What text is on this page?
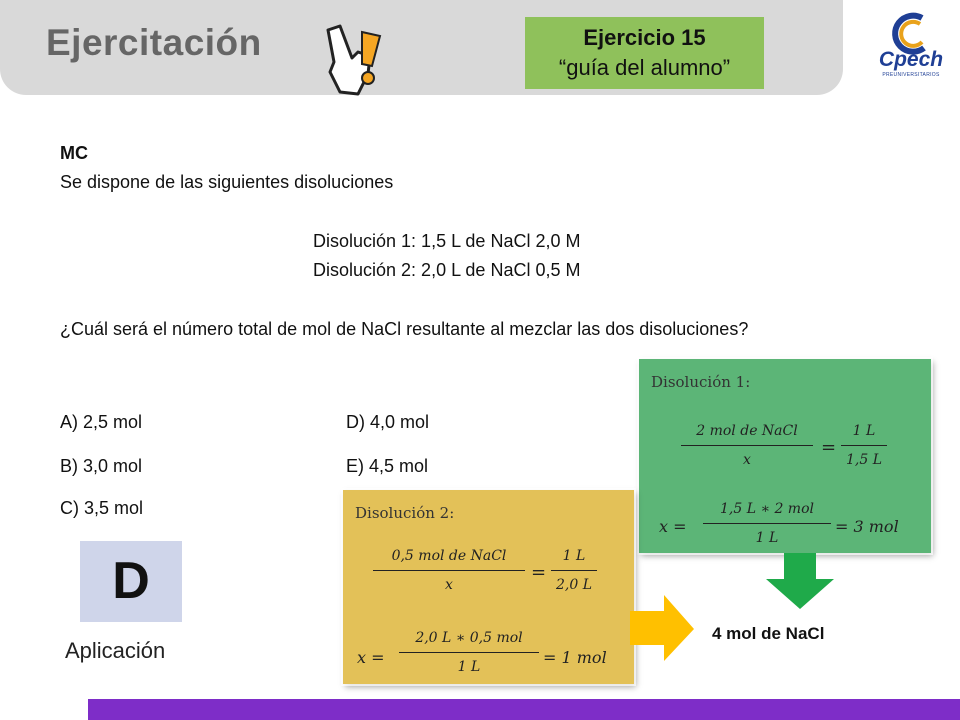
Ejercitación	Ejercicio 15
“guía del alumno”	Cpech
PREUNIVERSITARIOS
MC
Se dispone de las siguientes disoluciones
Disolución 1: 1,5 L de NaCl 2,0 M
Disolución 2: 2,0 L de NaCl 0,5 M
¿Cuál será el número total de mol de NaCl resultante al mezclar las dos disoluciones?
A) 2,5 mol
B) 3,0 mol
C) 3,5 mol
D) 4,0 mol
E) 4,5 mol
D
Aplicación
Disolución 1:
2 mol de NaCl
x
= $\frac{1 L}{1,5 L}$
x =
1,5 L ∗ 2 mol
1 L
= 3 mol
Disolución 2:
0,5 mol de NaCl
x
= $\frac{1 L}{2,0 L}$
x =
2,0 L ∗ 0,5 mol
1 L	= 1 mol
4 mol de NaCl
